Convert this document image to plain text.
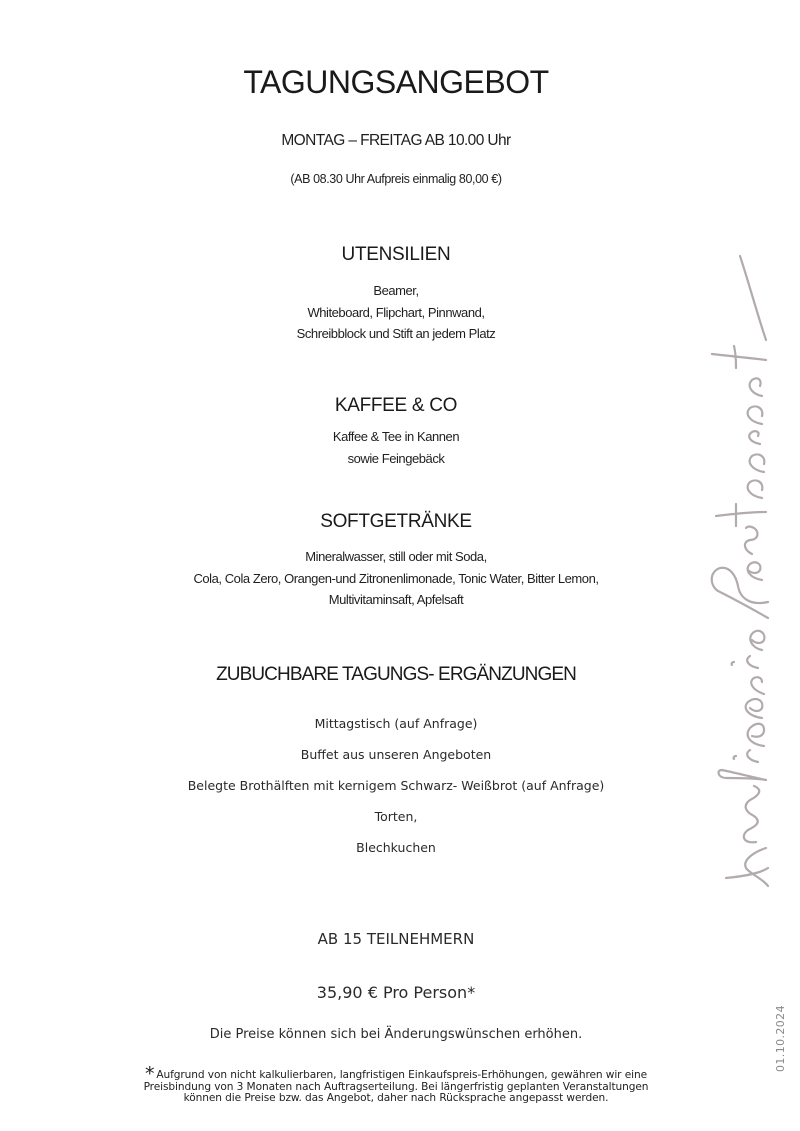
TAGUNGSANGEBOT
MONTAG – FREITAG AB 10.00 Uhr
(AB 08.30 Uhr Aufpreis einmalig 80,00 €)
UTENSILIEN
Beamer,
Whiteboard, Flipchart, Pinnwand,
Schreibblock und Stift an jedem Platz
KAFFEE & CO
Kaffee & Tee in Kannen
sowie Feingebäck
SOFTGETRÄNKE
Mineralwasser, still oder mit Soda,
Cola, Cola Zero, Orangen-und Zitronenlimonade, Tonic Water, Bitter Lemon,
Multivitaminsaft, Apfelsaft
ZUBUCHBARE TAGUNGS- ERGÄNZUNGEN
Mittagstisch (auf Anfrage)
Buffet aus unseren Angeboten
Belegte Brothälften mit kernigem Schwarz- Weißbrot (auf Anfrage)
Torten,
Blechkuchen
AB 15 TEILNEHMERN
35,90 € Pro Person*
Die Preise können sich bei Änderungswünschen erhöhen.
* Aufgrund von nicht kalkulierbaren, langfristigen Einkaufspreis-Erhöhungen, gewähren wir eine
Preisbindung von 3 Monaten nach Auftragserteilung. Bei längerfristig geplanten Veranstaltungen
können die Preise bzw. das Angebot, daher nach Rücksprache angepasst werden.
01.10.2024
